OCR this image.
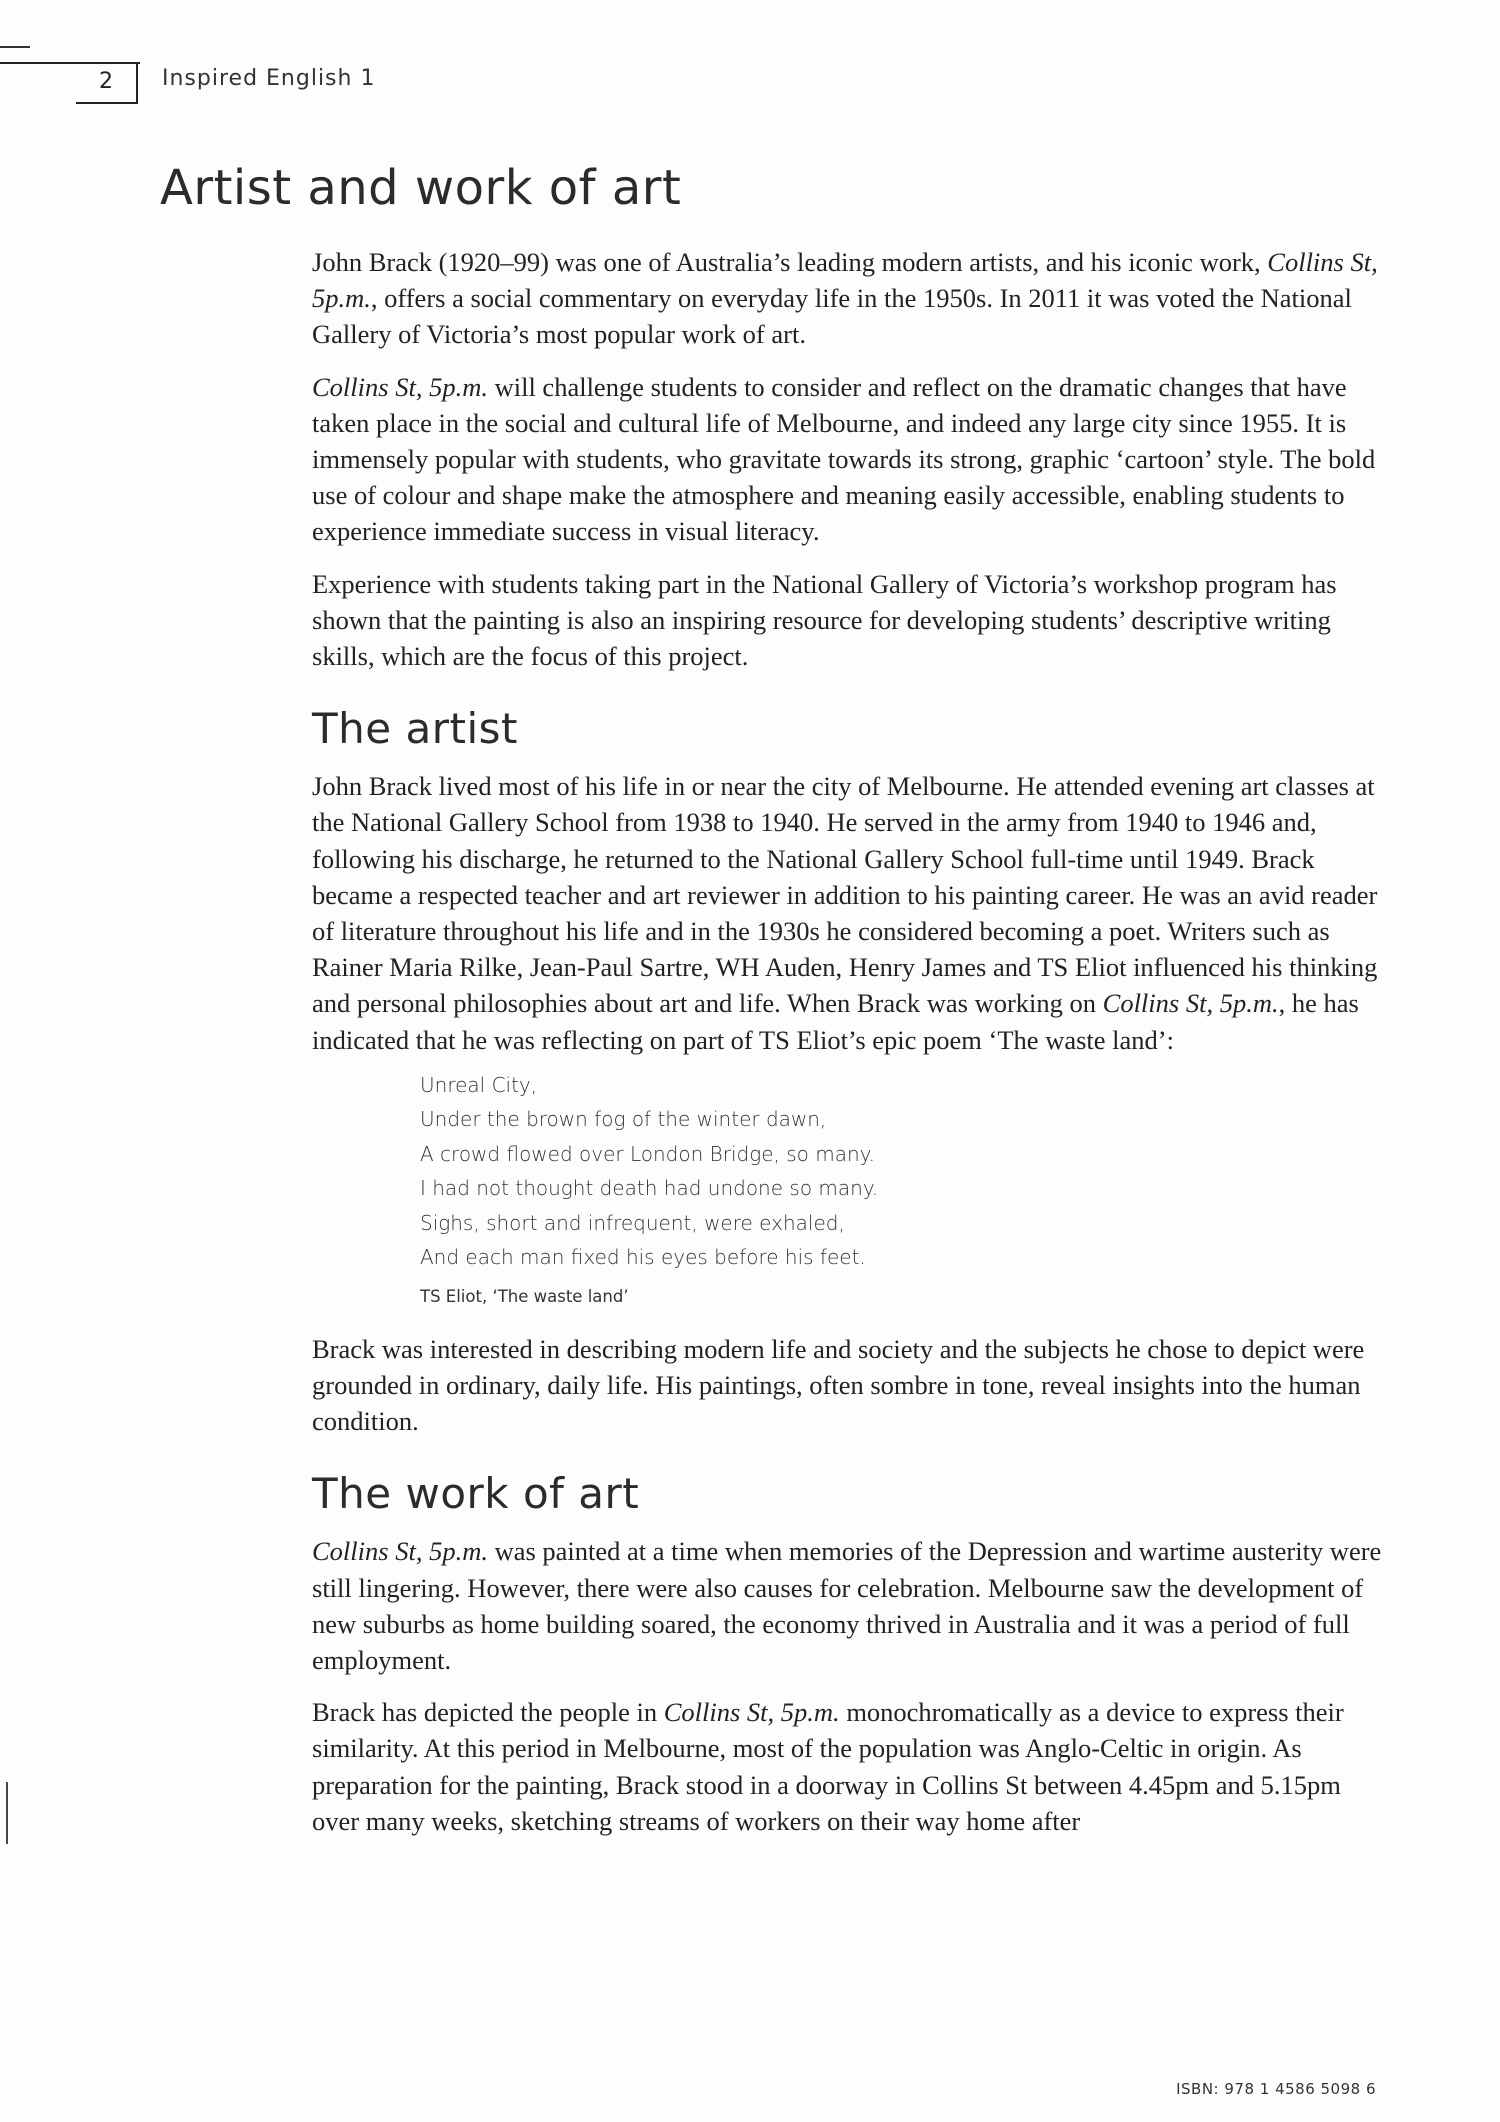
2	Inspired English 1
Artist and work of art

John Brack (1920–99) was one of Australia’s leading modern artists, and his iconic work, Collins St, 5p.m., offers a social commentary on everyday life in the 1950s. In 2011 it was voted the National Gallery of Victoria’s most popular work of art.

Collins St, 5p.m. will challenge students to consider and reflect on the dramatic changes that have taken place in the social and cultural life of Melbourne, and indeed any large city since 1955. It is immensely popular with students, who gravitate towards its strong, graphic ‘cartoon’ style. The bold use of colour and shape make the atmosphere and meaning easily accessible, enabling students to experience immediate success in visual literacy.

Experience with students taking part in the National Gallery of Victoria’s workshop program has shown that the painting is also an inspiring resource for developing students’ descriptive writing skills, which are the focus of this project.

The artist

John Brack lived most of his life in or near the city of Melbourne. He attended evening art classes at the National Gallery School from 1938 to 1940. He served in the army from 1940 to 1946 and, following his discharge, he returned to the National Gallery School full-time until 1949. Brack became a respected teacher and art reviewer in addition to his painting career. He was an avid reader of literature throughout his life and in the 1930s he considered becoming a poet. Writers such as Rainer Maria Rilke, Jean-Paul Sartre, WH Auden, Henry James and TS Eliot influenced his thinking and personal philosophies about art and life. When Brack was working on Collins St, 5p.m., he has indicated that he was reflecting on part of TS Eliot’s epic poem ‘The waste land’:

Unreal City,
Under the brown fog of the winter dawn,
A crowd flowed over London Bridge, so many.
I had not thought death had undone so many.
Sighs, short and infrequent, were exhaled,
And each man fixed his eyes before his feet.
TS Eliot, ‘The waste land’

Brack was interested in describing modern life and society and the subjects he chose to depict were grounded in ordinary, daily life. His paintings, often sombre in tone, reveal insights into the human condition.

The work of art

Collins St, 5p.m. was painted at a time when memories of the Depression and wartime austerity were still lingering. However, there were also causes for celebration. Melbourne saw the development of new suburbs as home building soared, the economy thrived in Australia and it was a period of full employment.

Brack has depicted the people in Collins St, 5p.m. monochromatically as a device to express their similarity. At this period in Melbourne, most of the population was Anglo-Celtic in origin. As preparation for the painting, Brack stood in a doorway in Collins St between 4.45pm and 5.15pm over many weeks, sketching streams of workers on their way home after

ISBN: 978 1 4586 5098 6
